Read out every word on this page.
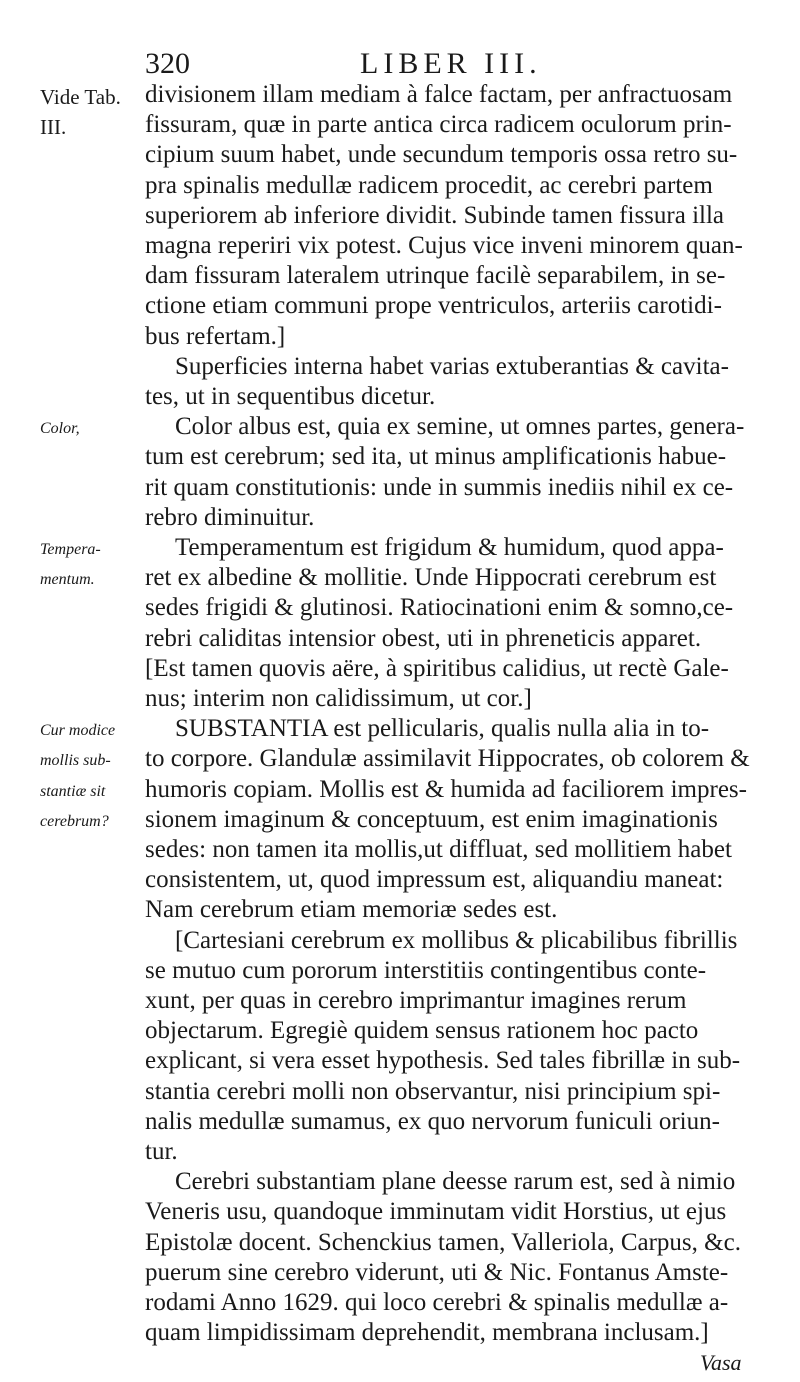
320	LIBER III.
Vide Tab.
III.
Color,
Tempera-
mentum.
Cur modice
mollis sub-
stantiæ sit
cerebrum?
divisionem illam mediam à falce factam, per anfractuosam
fissuram, quæ in parte antica circa radicem oculorum prin-
cipium suum habet, unde secundum temporis ossa retro su-
pra spinalis medullæ radicem procedit, ac cerebri partem
superiorem ab inferiore dividit. Subinde tamen fissura illa
magna reperiri vix potest. Cujus vice inveni minorem quan-
dam fissuram lateralem utrinque facilè separabilem, in se-
ctione etiam communi prope ventriculos, arteriis carotidi-
bus refertam.]
Superficies interna habet varias extuberantias & cavita-
tes, ut in sequentibus dicetur.
Color albus est, quia ex semine, ut omnes partes, genera-
tum est cerebrum; sed ita, ut minus amplificationis habue-
rit quam constitutionis: unde in summis inediis nihil ex ce-
rebro diminuitur.
Temperamentum est frigidum & humidum, quod appa-
ret ex albedine & mollitie. Unde Hippocrati cerebrum est
sedes frigidi & glutinosi. Ratiocinationi enim & somno,ce-
rebri caliditas intensior obest, uti in phreneticis apparet.
[Est tamen quovis aëre, à spiritibus calidius, ut rectè Gale-
nus; interim non calidissimum, ut cor.]
SUBSTANTIA est pellicularis, qualis nulla alia in to-
to corpore. Glandulæ assimilavit Hippocrates, ob colorem &
humoris copiam. Mollis est & humida ad faciliorem impres-
sionem imaginum & conceptuum, est enim imaginationis
sedes: non tamen ita mollis,ut diffluat, sed mollitiem habet
consistentem, ut, quod impressum est, aliquandiu maneat:
Nam cerebrum etiam memoriæ sedes est.
[Cartesiani cerebrum ex mollibus & plicabilibus fibrillis
se mutuo cum pororum interstitiis contingentibus conte-
xunt, per quas in cerebro imprimantur imagines rerum
objectarum. Egregiè quidem sensus rationem hoc pacto
explicant, si vera esset hypothesis. Sed tales fibrillæ in sub-
stantia cerebri molli non observantur, nisi principium spi-
nalis medullæ sumamus, ex quo nervorum funiculi oriun-
tur.
Cerebri substantiam plane deesse rarum est, sed à nimio
Veneris usu, quandoque imminutam vidit Horstius, ut ejus
Epistolæ docent. Schenckius tamen, Valleriola, Carpus, &c.
puerum sine cerebro viderunt, uti & Nic. Fontanus Amste-
rodami Anno 1629. qui loco cerebri & spinalis medullæ a-
quam limpidissimam deprehendit, membrana inclusam.]
Vasa
